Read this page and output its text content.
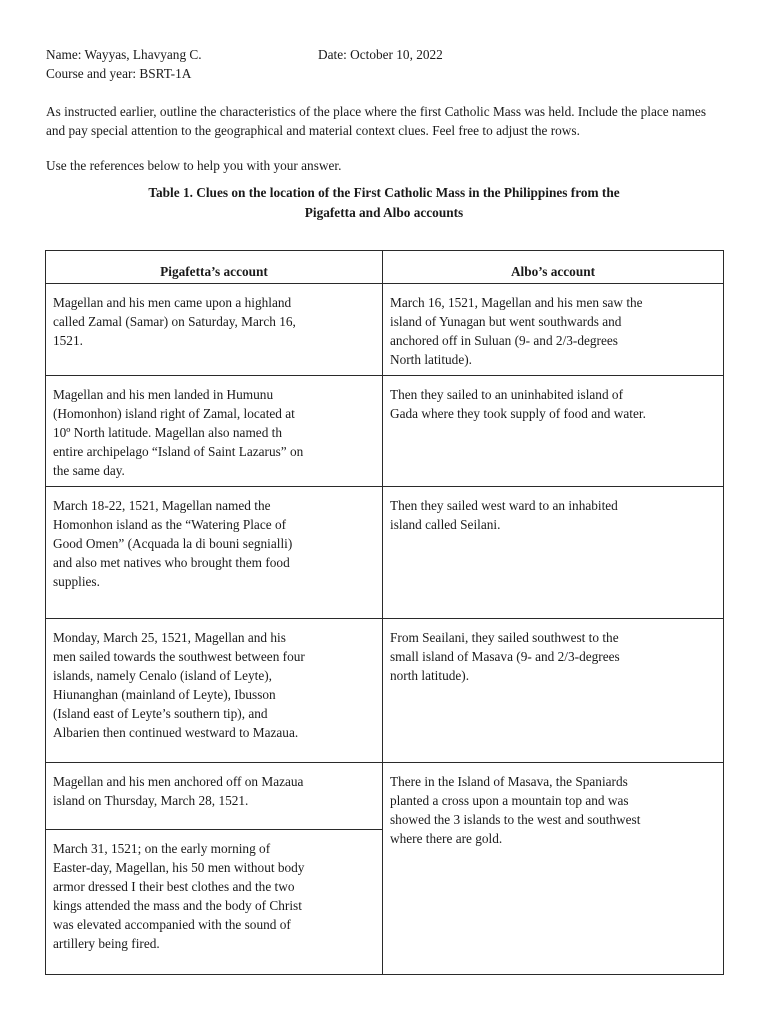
Name: Wayyas, Lhavyang C.	Date: October 10, 2022
Course and year: BSRT-1A
As instructed earlier, outline the characteristics of the place where the first Catholic Mass was held. Include the place names and pay special attention to the geographical and material context clues. Feel free to adjust the rows.
Use the references below to help you with your answer.
Table 1. Clues on the location of the First Catholic Mass in the Philippines from the
Pigafetta and Albo accounts
Pigafetta’s account	Albo’s account
Magellan and his men came upon a highland called Zamal (Samar) on Saturday, March 16, 1521.	March 16, 1521, Magellan and his men saw the island of Yunagan but went southwards and anchored off in Suluan (9- and 2/3-degrees North latitude).
Magellan and his men landed in Humunu (Homonhon) island right of Zamal, located at 10º North latitude. Magellan also named th entire archipelago “Island of Saint Lazarus” on the same day.	Then they sailed to an uninhabited island of Gada where they took supply of food and water.
March 18-22, 1521, Magellan named the Homonhon island as the “Watering Place of Good Omen” (Acquada la di bouni segnialli) and also met natives who brought them food supplies.	Then they sailed west ward to an inhabited island called Seilani.
Monday, March 25, 1521, Magellan and his men sailed towards the southwest between four islands, namely Cenalo (island of Leyte), Hiunanghan (mainland of Leyte), Ibusson (Island east of Leyte’s southern tip), and Albarien then continued westward to Mazaua.	From Seailani, they sailed southwest to the small island of Masava (9- and 2/3-degrees north latitude).
Magellan and his men anchored off on Mazaua island on Thursday, March 28, 1521.	There in the Island of Masava, the Spaniards planted a cross upon a mountain top and was showed the 3 islands to the west and southwest where there are gold.
March 31, 1521; on the early morning of Easter-day, Magellan, his 50 men without body armor dressed I their best clothes and the two kings attended the mass and the body of Christ was elevated accompanied with the sound of artillery being fired.	
